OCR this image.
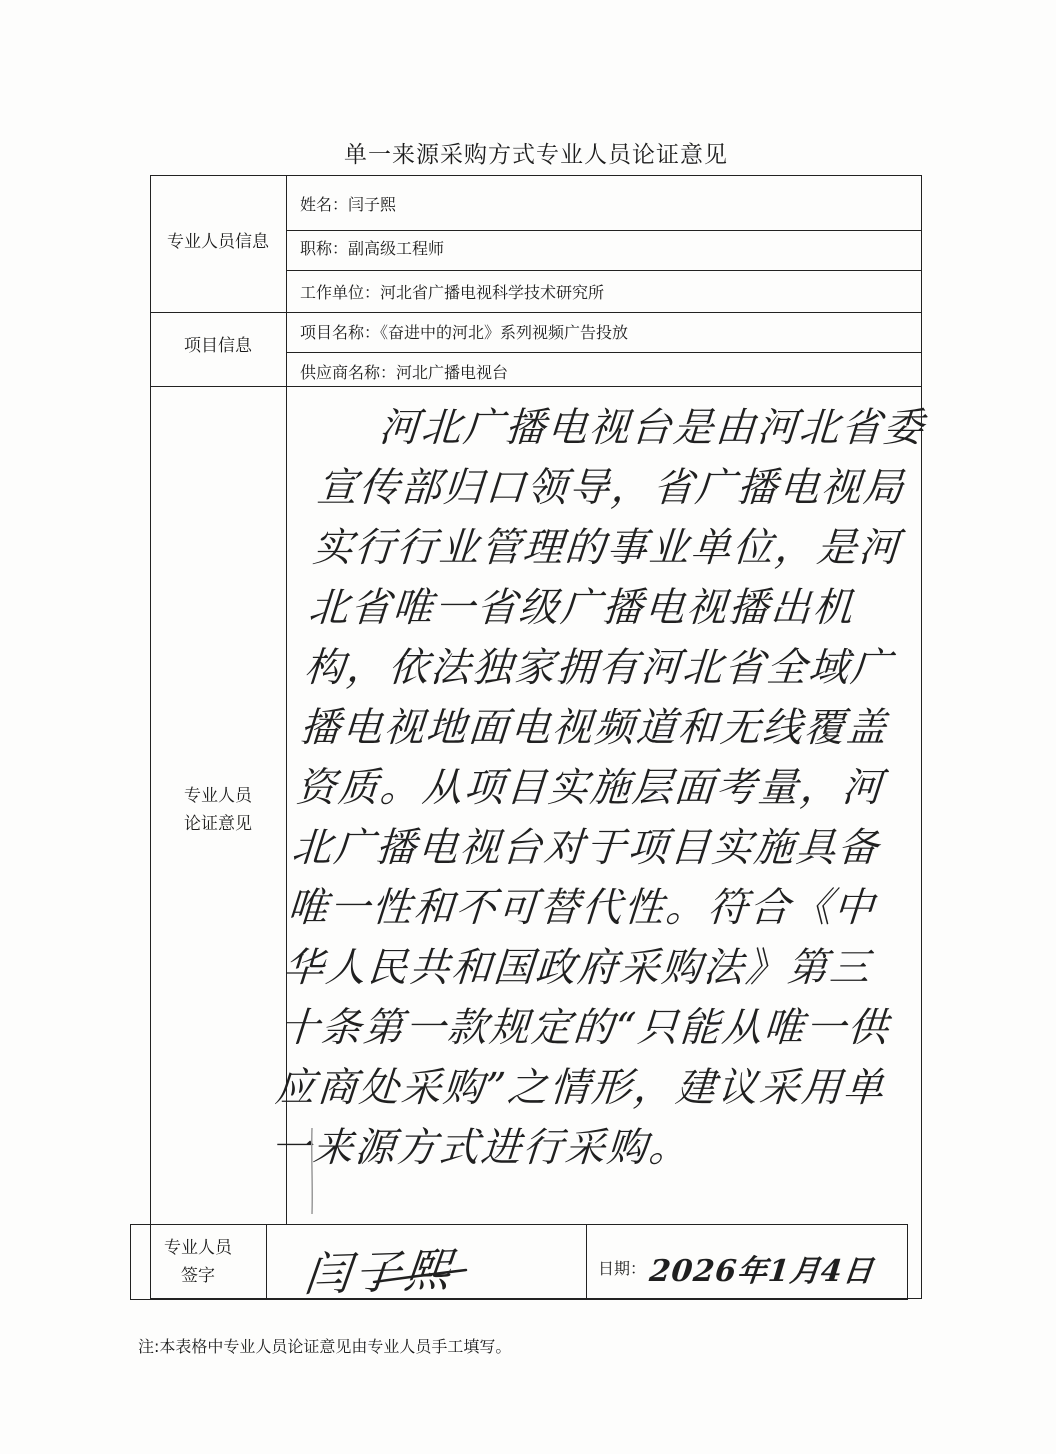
单一来源采购方式专业人员论证意见
专业人员信息
姓名：闫子熙
职称：副高级工程师
工作单位：河北省广播电视科学技术研究所
项目信息
项目名称：《奋进中的河北》系列视频广告投放
供应商名称：河北广播电视台
专业人员
论证意见
河北广播电视台是由河北省委宣传部归口领导，省广播电视局实行行业管理的事业单位，是河北省唯一省级广播电视播出机构，依法独家拥有河北省全域广播电视地面电视频道和无线覆盖资质。从项目实施层面考量，河北广播电视台对于项目实施具备唯一性和不可替代性。符合《中华人民共和国政府采购法》第三十条第一款规定的“只能从唯一供应商处采购”之情形，建议采用单一来源方式进行采购。
专业人员
签字	闫子熙	日期： 2026年1月4日
注:本表格中专业人员论证意见由专业人员手工填写。
